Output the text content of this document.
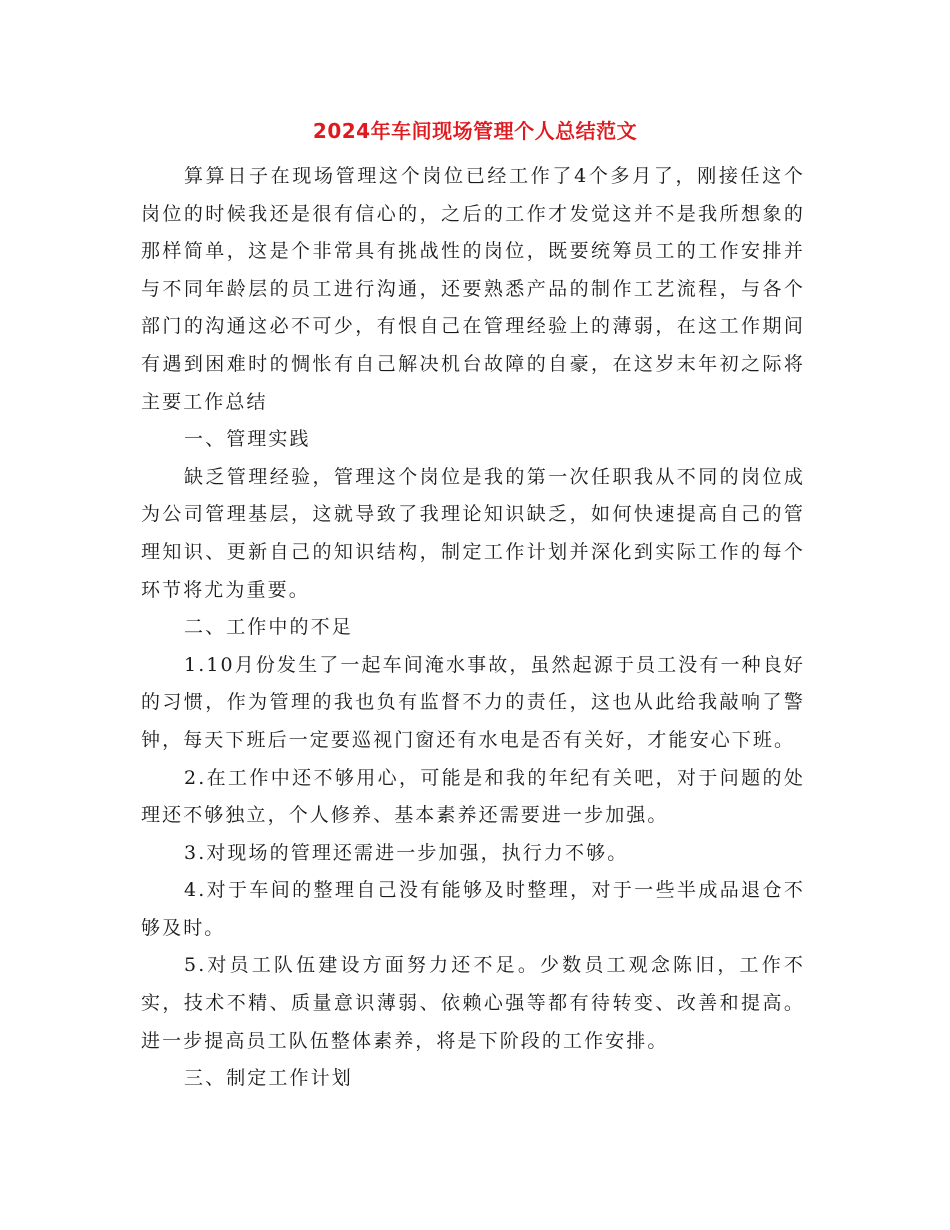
2024年车间现场管理个人总结范文

算算日子在现场管理这个岗位已经工作了4个多月了，刚接任这个岗位的时候我还是很有信心的，之后的工作才发觉这并不是我所想象的那样简单，这是个非常具有挑战性的岗位，既要统筹员工的工作安排并与不同年龄层的员工进行沟通，还要熟悉产品的制作工艺流程，与各个部门的沟通这必不可少，有恨自己在管理经验上的薄弱，在这工作期间有遇到困难时的惆怅有自己解决机台故障的自豪，在这岁末年初之际将主要工作总结

一、管理实践

缺乏管理经验，管理这个岗位是我的第一次任职我从不同的岗位成为公司管理基层，这就导致了我理论知识缺乏，如何快速提高自己的管理知识、更新自己的知识结构，制定工作计划并深化到实际工作的每个环节将尤为重要。

二、工作中的不足

1.10月份发生了一起车间淹水事故，虽然起源于员工没有一种良好的习惯，作为管理的我也负有监督不力的责任，这也从此给我敲响了警钟，每天下班后一定要巡视门窗还有水电是否有关好，才能安心下班。

2.在工作中还不够用心，可能是和我的年纪有关吧，对于问题的处理还不够独立，个人修养、基本素养还需要进一步加强。

3.对现场的管理还需进一步加强，执行力不够。

4.对于车间的整理自己没有能够及时整理，对于一些半成品退仓不够及时。

5.对员工队伍建设方面努力还不足。少数员工观念陈旧，工作不实，技术不精、质量意识薄弱、依赖心强等都有待转变、改善和提高。进一步提高员工队伍整体素养，将是下阶段的工作安排。

三、制定工作计划
